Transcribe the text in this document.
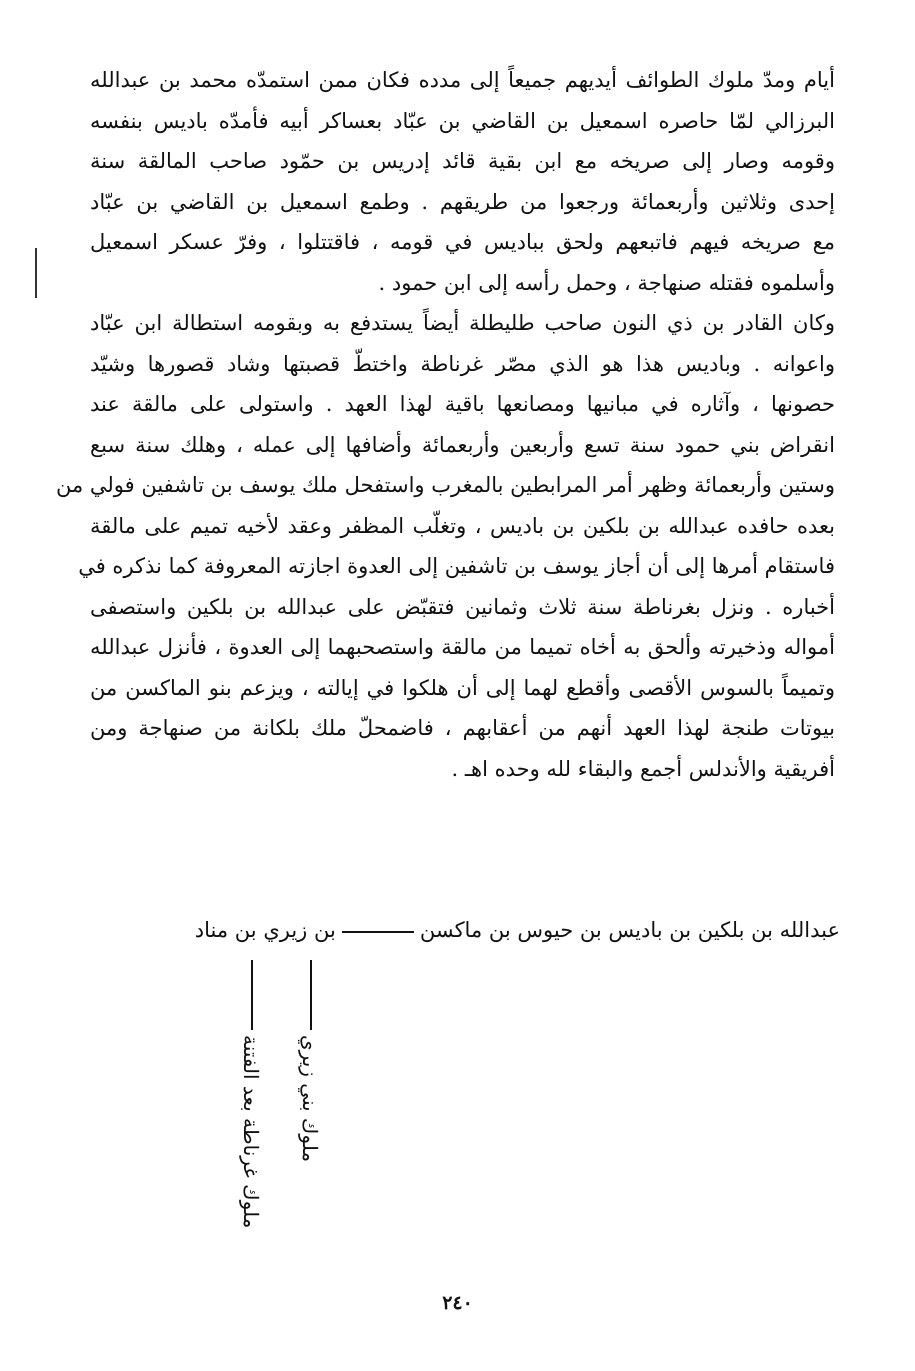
أيام ومدّ ملوك الطوائف أيديهم جميعاً إلى مدده فكان ممن استمدّه محمد بن عبدالله
البرزالي لمّا حاصره اسمعيل بن القاضي بن عبّاد بعساكر أبيه فأمدّه باديس بنفسه
وقومه وصار إلى صريخه مع ابن بقية قائد إدريس بن حمّود صاحب المالقة سنة
إحدى وثلاثين وأربعمائة ورجعوا من طريقهم . وطمع اسمعيل بن القاضي بن عبّاد
مع صريخه فيهم فاتبعهم ولحق بباديس في قومه ، فاقتتلوا ، وفرّ عسكر اسمعيل
وأسلموه فقتله صنهاجة ، وحمل رأسه إلى ابن حمود .

وكان القادر بن ذي النون صاحب طليطلة أيضاً يستدفع به وبقومه استطالة ابن عبّاد
واعوانه . وباديس هذا هو الذي مصّر غرناطة واختطّ قصبتها وشاد قصورها وشيّد
حصونها ، وآثاره في مبانيها ومصانعها باقية لهذا العهد . واستولى على مالقة عند
انقراض بني حمود سنة تسع وأربعين وأربعمائة وأضافها إلى عمله ، وهلك سنة سبع
وستين وأربعمائة وظهر أمر المرابطين بالمغرب واستفحل ملك يوسف بن تاشفين فولي من
بعده حافده عبدالله بن بلكين بن باديس ، وتغلّب المظفر وعقد لأخيه تميم على مالقة
فاستقام أمرها إلى أن أجاز يوسف بن تاشفين إلى العدوة اجازته المعروفة كما نذكره في
أخباره . ونزل بغرناطة سنة ثلاث وثمانين فتقبّض على عبدالله بن بلكين واستصفى
أمواله وذخيرته وألحق به أخاه تميما من مالقة واستصحبهما إلى العدوة ، فأنزل عبدالله
وتميماً بالسوس الأقصى وأقطع لهما إلى أن هلكوا في إيالته ، ويزعم بنو الماكسن من
بيوتات طنجة لهذا العهد أنهم من أعقابهم ، فاضمحلّ ملك بلكانة من صنهاجة ومن
أفريقية والأندلس أجمع والبقاء لله وحده اهـ .

عبدالله بن بلكين بن باديس بن حيوس بن ماكسنبن زيري بن مناد
ملوك بني زيري
ملوك غرناطة بعد الفتنة
٢٤٠
